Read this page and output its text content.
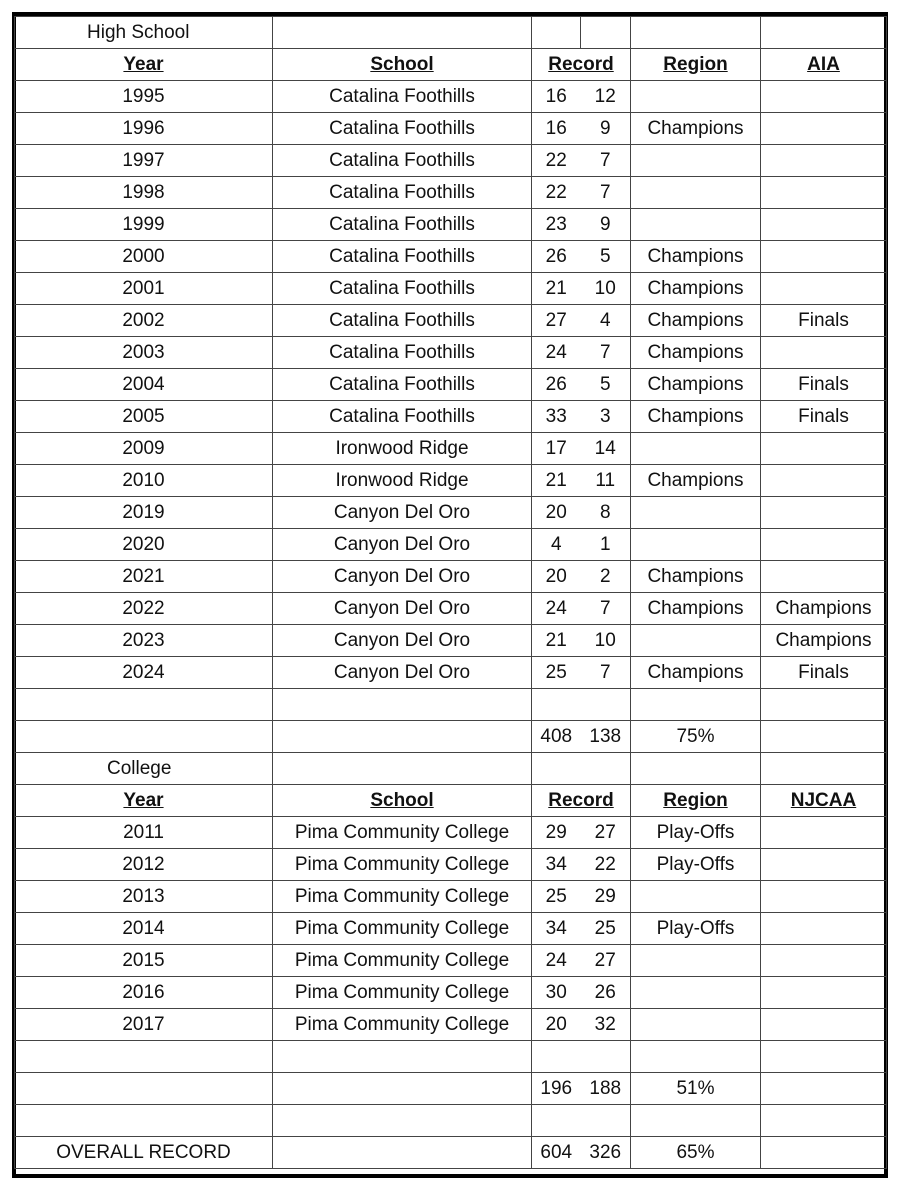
High School					
Year	School	Record		Region	AIA
1995	Catalina Foothills	16	12		
1996	Catalina Foothills	16	9	Champions	
1997	Catalina Foothills	22	7		
1998	Catalina Foothills	22	7		
1999	Catalina Foothills	23	9		
2000	Catalina Foothills	26	5	Champions	
2001	Catalina Foothills	21	10	Champions	
2002	Catalina Foothills	27	4	Champions	Finals
2003	Catalina Foothills	24	7	Champions	
2004	Catalina Foothills	26	5	Champions	Finals
2005	Catalina Foothills	33	3	Champions	Finals
2009	Ironwood Ridge	17	14		
2010	Ironwood Ridge	21	11	Champions	
2019	Canyon Del Oro	20	8		
2020	Canyon Del Oro	4	1		
2021	Canyon Del Oro	20	2	Champions	
2022	Canyon Del Oro	24	7	Champions	Champions
2023	Canyon Del Oro	21	10		Champions
2024	Canyon Del Oro	25	7	Champions	Finals

		408	138	75%	
College					
Year	School	Record		Region	NJCAA
2011	Pima Community College	29	27	Play-Offs	
2012	Pima Community College	34	22	Play-Offs	
2013	Pima Community College	25	29		
2014	Pima Community College	34	25	Play-Offs	
2015	Pima Community College	24	27		
2016	Pima Community College	30	26		
2017	Pima Community College	20	32		

		196	188	51%	

OVERALL RECORD		604	326	65%	
